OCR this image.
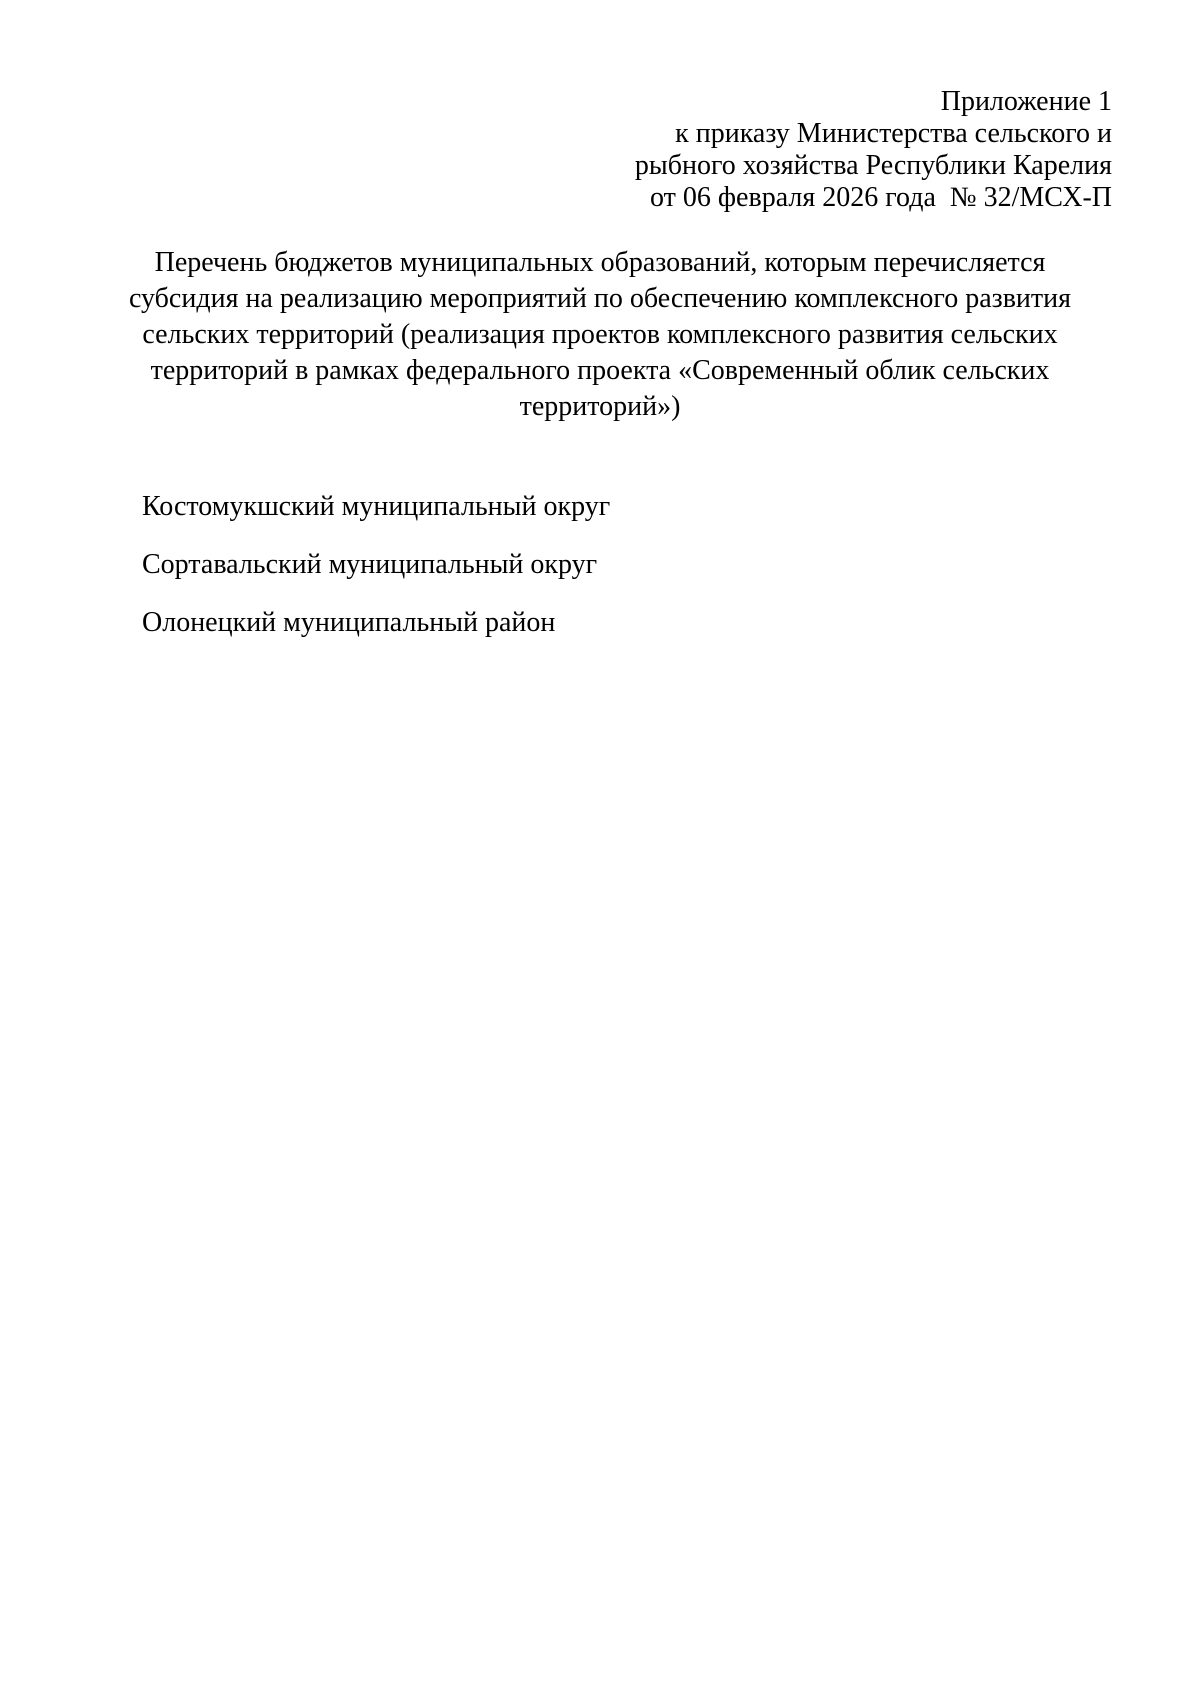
Приложение 1
к приказу Министерства сельского и
рыбного хозяйства Республики Карелия
от 06 февраля 2026 года  № 32/МСХ-П
Перечень бюджетов муниципальных образований, которым перечисляется
субсидия на реализацию мероприятий по обеспечению комплексного развития
сельских территорий (реализация проектов комплексного развития сельских
территорий в рамках федерального проекта «Современный облик сельских
территорий»)
Костомукшский муниципальный округ
Сортавальский муниципальный округ
Олонецкий муниципальный район
